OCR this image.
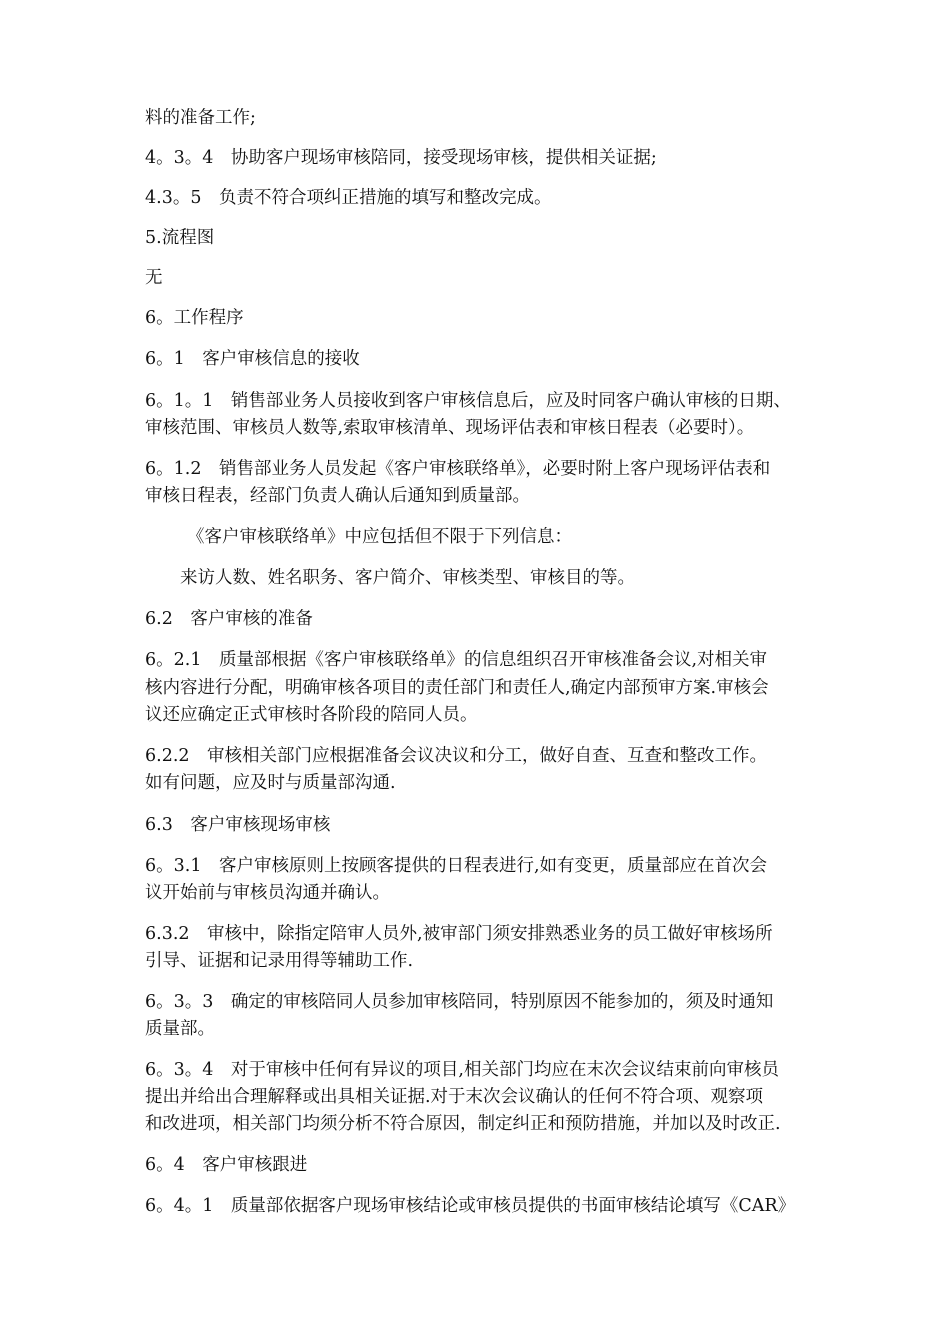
料的准备工作;

4。3。4　协助客户现场审核陪同，接受现场审核，提供相关证据;

4.3。5　负责不符合项纠正措施的填写和整改完成。

5.流程图

无

6。工作程序

6。1　客户审核信息的接收

6。1。1　销售部业务人员接收到客户审核信息后，应及时同客户确认审核的日期、

审核范围、审核员人数等,索取审核清单、现场评估表和审核日程表（必要时）。

6。1.2　销售部业务人员发起《客户审核联络单》，必要时附上客户现场评估表和

审核日程表，经部门负责人确认后通知到质量部。

《客户审核联络单》中应包括但不限于下列信息：

来访人数、姓名职务、客户简介、审核类型、审核目的等。

6.2　客户审核的准备

6。2.1　质量部根据《客户审核联络单》的信息组织召开审核准备会议,对相关审

核内容进行分配，明确审核各项目的责任部门和责任人,确定内部预审方案.审核会

议还应确定正式审核时各阶段的陪同人员。

6.2.2　审核相关部门应根据准备会议决议和分工，做好自查、互查和整改工作。

如有问题，应及时与质量部沟通.

6.3　客户审核现场审核

6。3.1　客户审核原则上按顾客提供的日程表进行,如有变更，质量部应在首次会

议开始前与审核员沟通并确认。

6.3.2　审核中，除指定陪审人员外,被审部门须安排熟悉业务的员工做好审核场所

引导、证据和记录用得等辅助工作.

6。3。3　确定的审核陪同人员参加审核陪同，特别原因不能参加的，须及时通知

质量部。

6。3。4　对于审核中任何有异议的项目,相关部门均应在末次会议结束前向审核员

提出并给出合理解释或出具相关证据.对于末次会议确认的任何不符合项、观察项

和改进项，相关部门均须分析不符合原因，制定纠正和预防措施，并加以及时改正.

6。4　客户审核跟进

6。4。1　质量部依据客户现场审核结论或审核员提供的书面审核结论填写《CAR》
